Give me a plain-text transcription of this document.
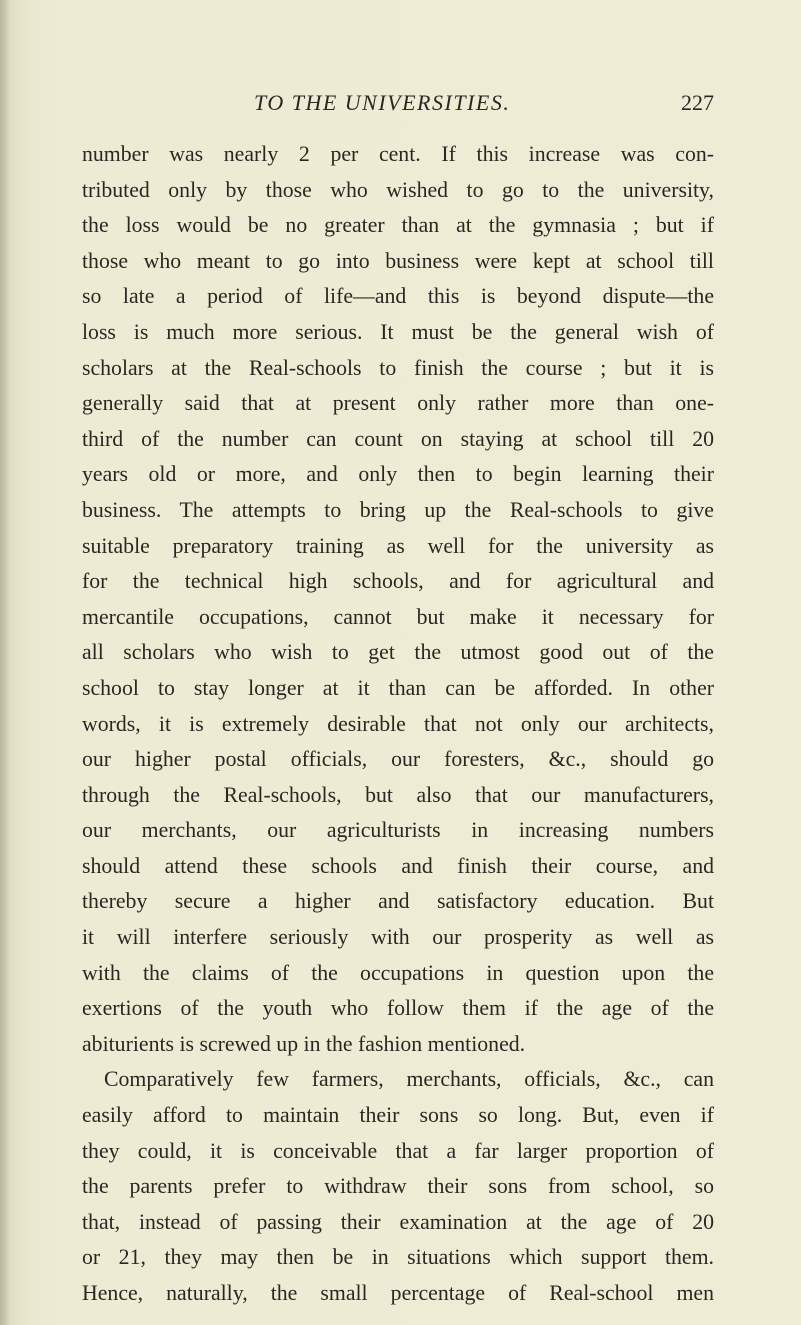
TO THE UNIVERSITIES.	227
number was nearly 2 per cent. If this increase was con-
tributed only by those who wished to go to the university,
the loss would be no greater than at the gymnasia ; but if
those who meant to go into business were kept at school till
so late a period of life—and this is beyond dispute—the
loss is much more serious. It must be the general wish of
scholars at the Real-schools to finish the course ; but it is
generally said that at present only rather more than one-
third of the number can count on staying at school till 20
years old or more, and only then to begin learning their
business. The attempts to bring up the Real-schools to give
suitable preparatory training as well for the university as
for the technical high schools, and for agricultural and
mercantile occupations, cannot but make it necessary for
all scholars who wish to get the utmost good out of the
school to stay longer at it than can be afforded. In other
words, it is extremely desirable that not only our architects,
our higher postal officials, our foresters, &c., should go
through the Real-schools, but also that our manufacturers,
our merchants, our agriculturists in increasing numbers
should attend these schools and finish their course, and
thereby secure a higher and satisfactory education. But
it will interfere seriously with our prosperity as well as
with the claims of the occupations in question upon the
exertions of the youth who follow them if the age of the
abiturients is screwed up in the fashion mentioned.
Comparatively few farmers, merchants, officials, &c., can
easily afford to maintain their sons so long. But, even if
they could, it is conceivable that a far larger proportion of
the parents prefer to withdraw their sons from school, so
that, instead of passing their examination at the age of 20
or 21, they may then be in situations which support them.
Hence, naturally, the small percentage of Real-school men
